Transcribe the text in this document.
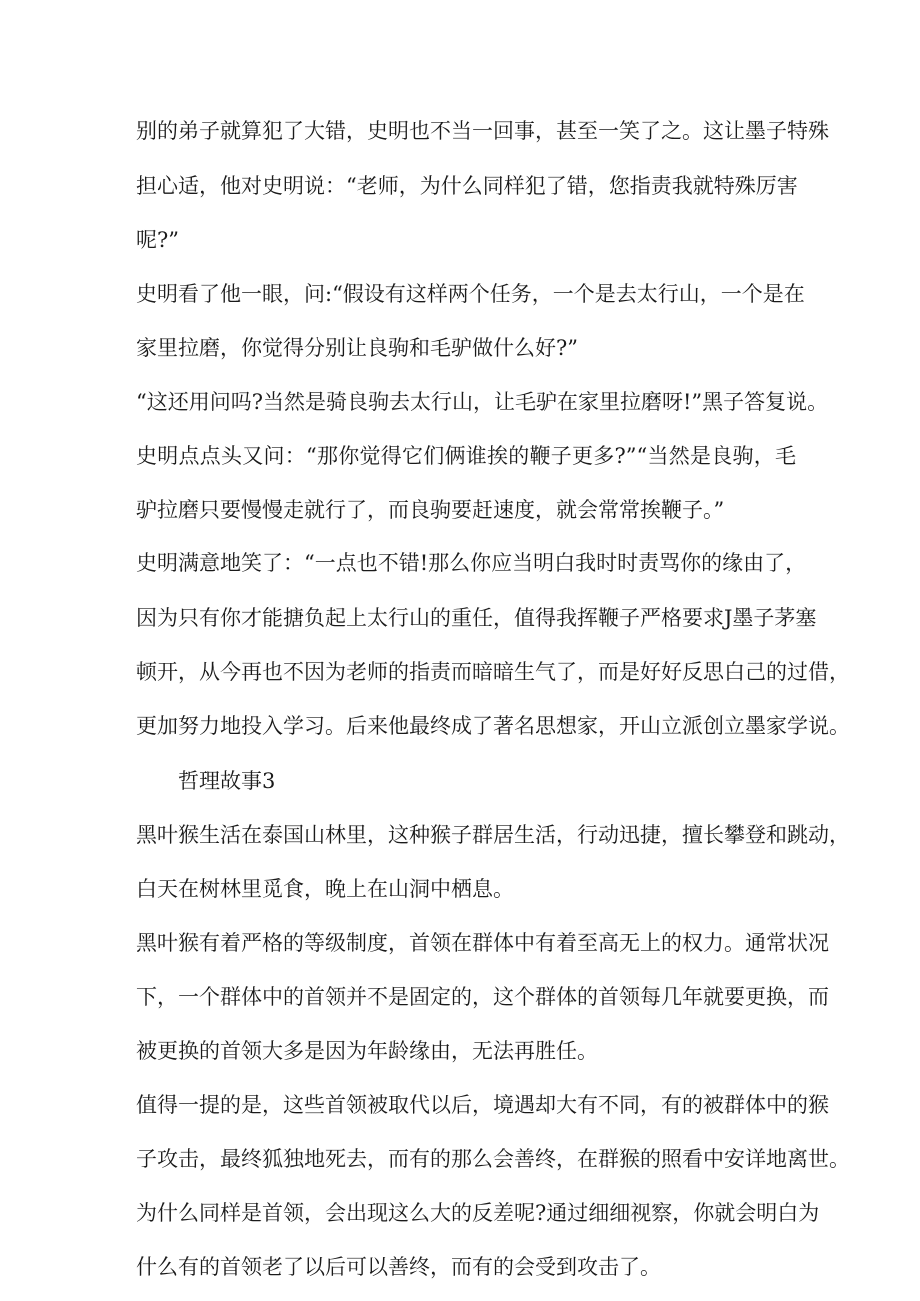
别的弟子就算犯了大错，史明也不当一回事，甚至一笑了之。这让墨子特殊
担心适，他对史明说：“老师，为什么同样犯了错，您指责我就特殊厉害
呢?”
史明看了他一眼，问:“假设有这样两个任务，一个是去太行山，一个是在
家里拉磨，你觉得分别让良驹和毛驴做什么好?”
“这还用问吗?当然是骑良驹去太行山，让毛驴在家里拉磨呀!”黑子答复说。
史明点点头又问：“那你觉得它们俩谁挨的鞭子更多?”“当然是良驹，毛
驴拉磨只要慢慢走就行了，而良驹要赶速度，就会常常挨鞭子。”
史明满意地笑了：“一点也不错!那么你应当明白我时时责骂你的缘由了，
因为只有你才能搪负起上太行山的重任，值得我挥鞭子严格要求J墨子茅塞
顿开，从今再也不因为老师的指责而暗暗生气了，而是好好反思白己的过借，
更加努力地投入学习。后来他最终成了著名思想家，开山立派创立墨家学说。
哲理故事3
黑叶猴生活在泰国山林里，这种猴子群居生活，行动迅捷，擅长攀登和跳动，
白天在树林里觅食，晚上在山洞中栖息。
黑叶猴有着严格的等级制度，首领在群体中有着至高无上的权力。通常状况
下，一个群体中的首领并不是固定的，这个群体的首领每几年就要更换，而
被更换的首领大多是因为年龄缘由，无法再胜任。
值得一提的是，这些首领被取代以后，境遇却大有不同，有的被群体中的猴
子攻击，最终狐独地死去，而有的那么会善终，在群猴的照看中安详地离世。
为什么同样是首领，会出现这么大的反差呢?通过细细视察，你就会明白为
什么有的首领老了以后可以善终，而有的会受到攻击了。
